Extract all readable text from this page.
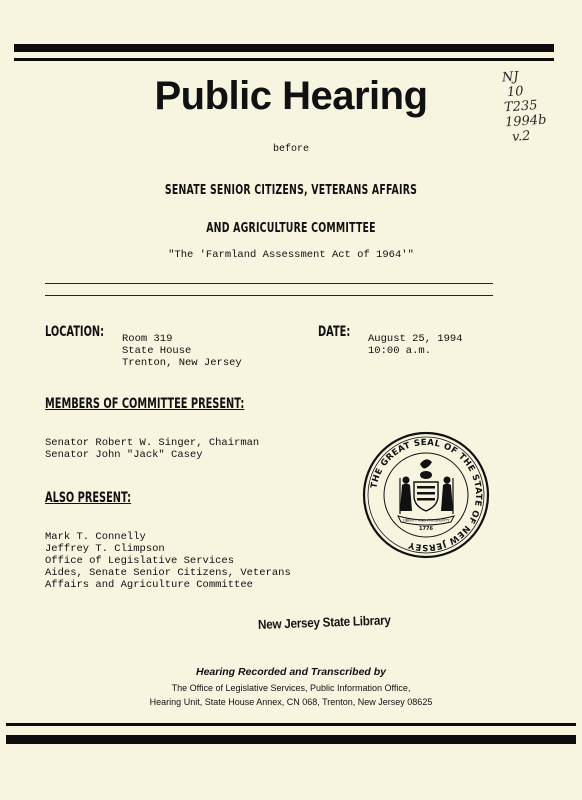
NJ
10
T235
1994b
v.2
Public Hearing
before
SENATE SENIOR CITIZENS, VETERANS AFFAIRS
AND AGRICULTURE COMMITTEE
"The 'Farmland Assessment Act of 1964'"
LOCATION: Room 319
State House
Trenton, New Jersey
DATE: August 25, 1994
10:00 a.m.
MEMBERS OF COMMITTEE PRESENT:
Senator Robert W. Singer, Chairman
Senator John "Jack" Casey
ALSO PRESENT:
Mark T. Connelly
Jeffrey T. Climpson
Office of Legislative Services
Aides, Senate Senior Citizens, Veterans
Affairs and Agriculture Committee
THE GREAT SEAL OF THE STATE OF NEW JERSEY
LIBERTY AND PROSPERITY
1776
New Jersey State Library
Hearing Recorded and Transcribed by
The Office of Legislative Services, Public Information Office,
Hearing Unit, State House Annex, CN 068, Trenton, New Jersey 08625
